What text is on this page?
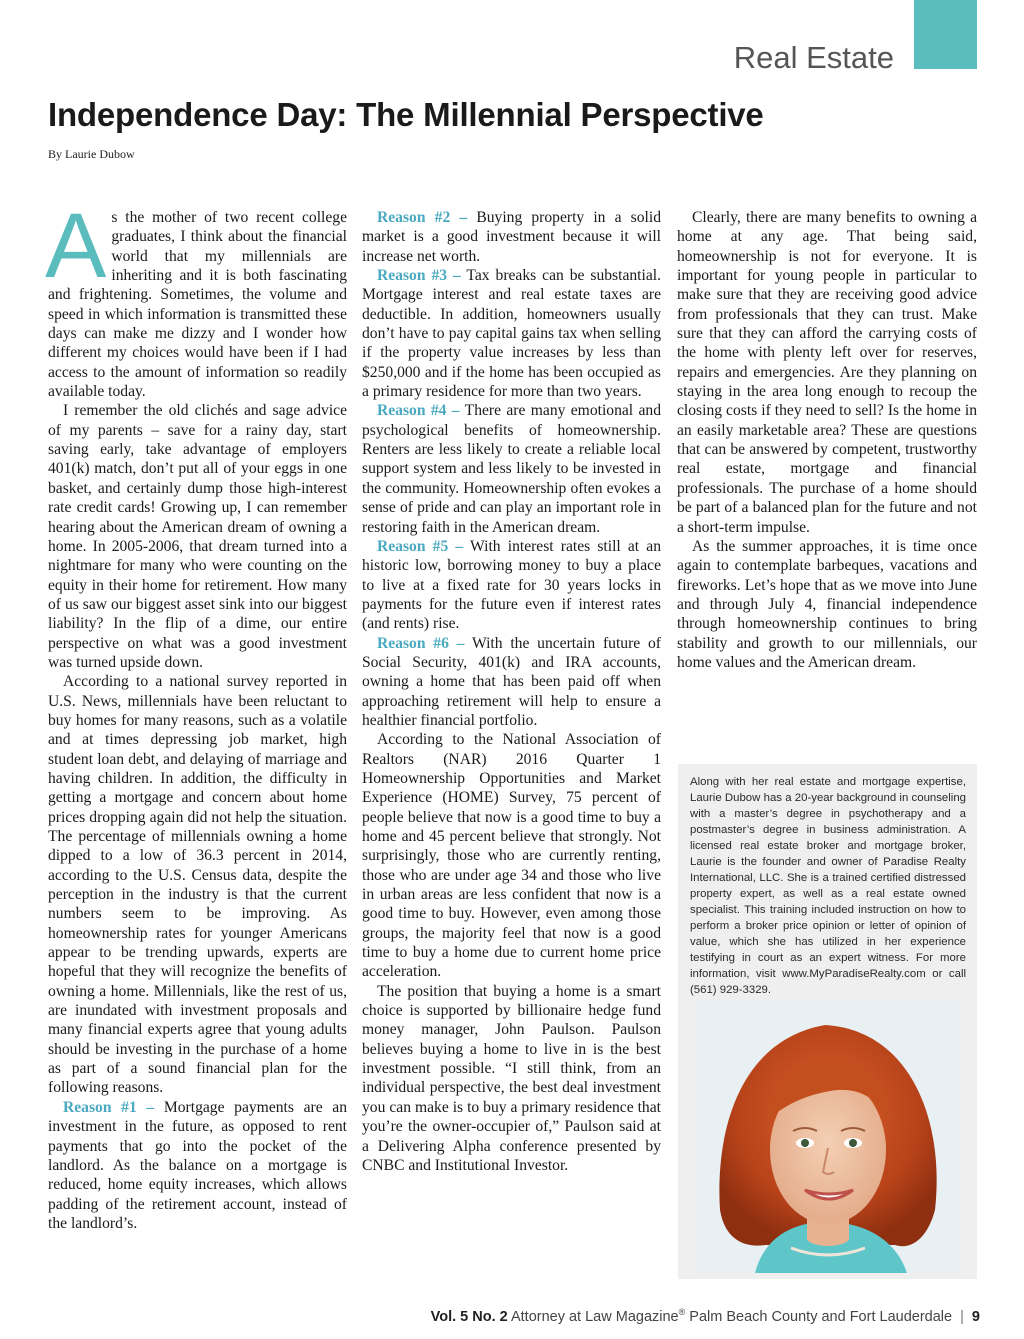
Real Estate
Independence Day: The Millennial Perspective
By Laurie Dubow

As the mother of two recent college graduates, I think about the financial world that my millennials are inheriting and it is both fascinating and frightening. Sometimes, the volume and speed in which information is transmitted these days can make me dizzy and I wonder how different my choices would have been if I had access to the amount of information so readily available today.

I remember the old clichés and sage advice of my parents – save for a rainy day, start saving early, take advantage of employers 401(k) match, don’t put all of your eggs in one basket, and certainly dump those high-interest rate credit cards! Growing up, I can remember hearing about the American dream of owning a home. In 2005-2006, that dream turned into a nightmare for many who were counting on the equity in their home for retirement. How many of us saw our biggest asset sink into our biggest liability? In the flip of a dime, our entire perspective on what was a good investment was turned upside down.

According to a national survey reported in U.S. News, millennials have been reluctant to buy homes for many reasons, such as a volatile and at times depressing job market, high student loan debt, and delaying of marriage and having children. In addition, the difficulty in getting a mortgage and concern about home prices dropping again did not help the situation. The percentage of millennials owning a home dipped to a low of 36.3 percent in 2014, according to the U.S. Census data, despite the perception in the industry is that the current numbers seem to be improving. As homeownership rates for younger Americans appear to be trending upwards, experts are hopeful that they will recognize the benefits of owning a home. Millennials, like the rest of us, are inundated with investment proposals and many financial experts agree that young adults should be investing in the purchase of a home as part of a sound financial plan for the following reasons.

Reason #1 – Mortgage payments are an investment in the future, as opposed to rent payments that go into the pocket of the landlord. As the balance on a mortgage is reduced, home equity increases, which allows padding of the retirement account, instead of the landlord’s.

Reason #2 – Buying property in a solid market is a good investment because it will increase net worth.

Reason #3 – Tax breaks can be substantial. Mortgage interest and real estate taxes are deductible. In addition, homeowners usually don’t have to pay capital gains tax when selling if the property value increases by less than $250,000 and if the home has been occupied as a primary residence for more than two years.

Reason #4 – There are many emotional and psychological benefits of homeownership. Renters are less likely to create a reliable local support system and less likely to be invested in the community. Homeownership often evokes a sense of pride and can play an important role in restoring faith in the American dream.

Reason #5 – With interest rates still at an historic low, borrowing money to buy a place to live at a fixed rate for 30 years locks in payments for the future even if interest rates (and rents) rise.

Reason #6 – With the uncertain future of Social Security, 401(k) and IRA accounts, owning a home that has been paid off when approaching retirement will help to ensure a healthier financial portfolio.

According to the National Association of Realtors (NAR) 2016 Quarter 1 Homeownership Opportunities and Market Experience (HOME) Survey, 75 percent of people believe that now is a good time to buy a home and 45 percent believe that strongly. Not surprisingly, those who are currently renting, those who are under age 34 and those who live in urban areas are less confident that now is a good time to buy. However, even among those groups, the majority feel that now is a good time to buy a home due to current home price acceleration.

The position that buying a home is a smart choice is supported by billionaire hedge fund money manager, John Paulson. Paulson believes buying a home to live in is the best investment possible. “I still think, from an individual perspective, the best deal investment you can make is to buy a primary residence that you’re the owner-occupier of,” Paulson said at a Delivering Alpha conference presented by CNBC and Institutional Investor.

Clearly, there are many benefits to owning a home at any age. That being said, homeownership is not for everyone. It is important for young people in particular to make sure that they are receiving good advice from professionals that they can trust. Make sure that they can afford the carrying costs of the home with plenty left over for reserves, repairs and emergencies. Are they planning on staying in the area long enough to recoup the closing costs if they need to sell? Is the home in an easily marketable area? These are questions that can be answered by competent, trustworthy real estate, mortgage and financial professionals. The purchase of a home should be part of a balanced plan for the future and not a short-term impulse.

As the summer approaches, it is time once again to contemplate barbeques, vacations and fireworks. Let’s hope that as we move into June and through July 4, financial independence through homeownership continues to bring stability and growth to our millennials, our home values and the American dream.

Along with her real estate and mortgage expertise, Laurie Dubow has a 20-year background in counseling with a master’s degree in psychotherapy and a postmaster’s degree in business administration. A licensed real estate broker and mortgage broker, Laurie is the founder and owner of Paradise Realty International, LLC. She is a trained certified distressed property expert, as well as a real estate owned specialist. This training included instruction on how to perform a broker price opinion or letter of opinion of value, which she has utilized in her experience testifying in court as an expert witness. For more information, visit www.MyParadiseRealty.com or call (561) 929-3329.

Vol. 5 No. 2 Attorney at Law Magazine® Palm Beach County and Fort Lauderdale | 9
